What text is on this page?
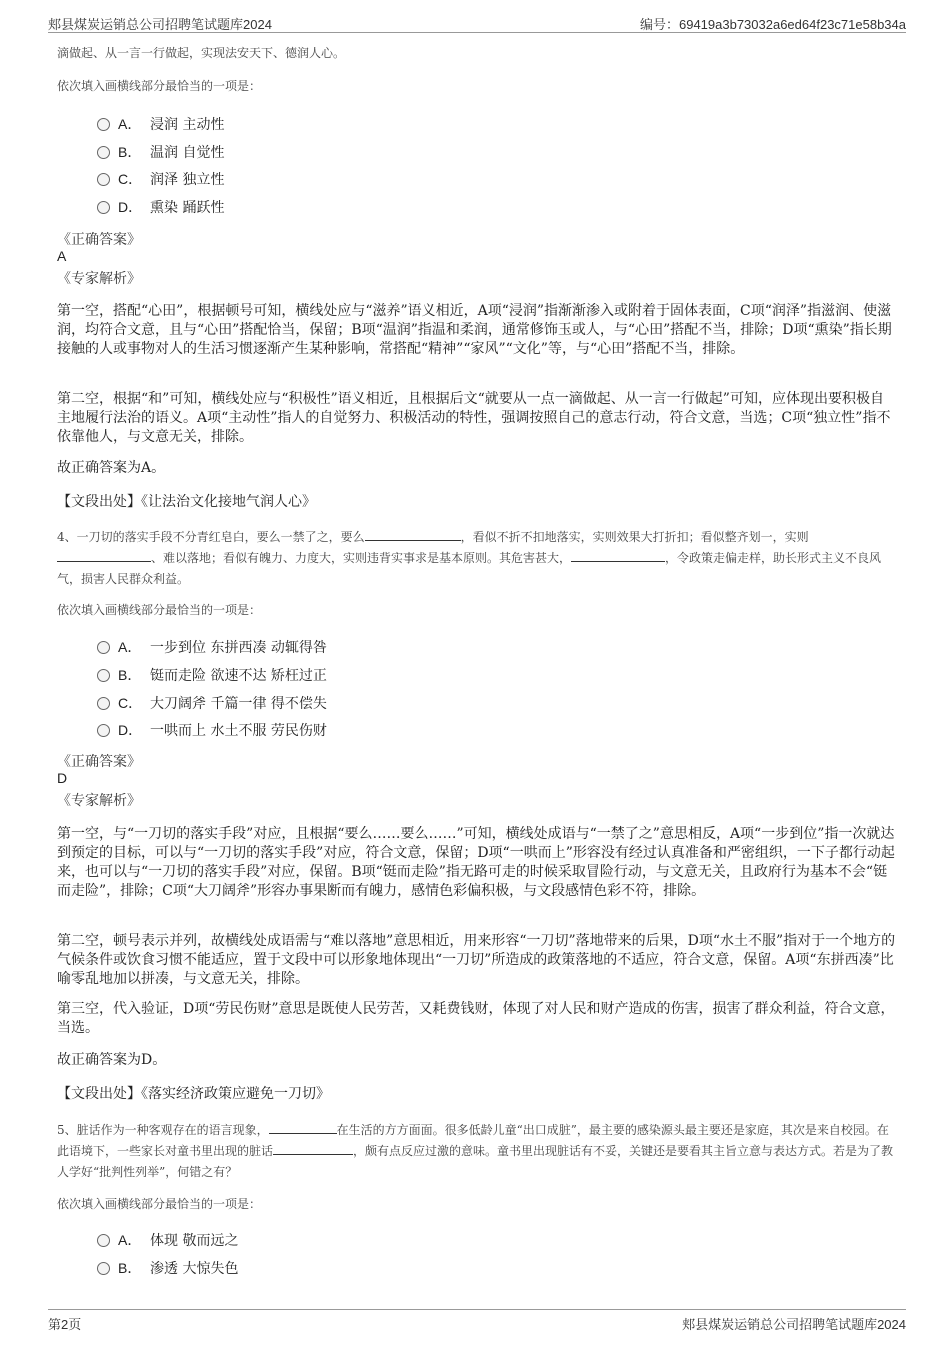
郏县煤炭运销总公司招聘笔试题库2024	编号：69419a3b73032a6ed64f23c71e58b34a
滴做起、从一言一行做起，实现法安天下、德润人心。
依次填入画横线部分最恰当的一项是：
A． 浸润 主动性
B． 温润 自觉性
C． 润泽 独立性
D． 熏染 踊跃性
《正确答案》
A
《专家解析》
第一空，搭配“心田”，根据顿号可知，横线处应与“滋养”语义相近，A项“浸润”指渐渐渗入或附着于固体表面，C项“润泽”指滋润、使滋润，均符合文意，且与“心田”搭配恰当，保留；B项“温润”指温和柔润，通常修饰玉或人，与“心田”搭配不当，排除；D项“熏染”指长期接触的人或事物对人的生活习惯逐渐产生某种影响，常搭配“精神”“家风”“文化”等，与“心田”搭配不当，排除。
第二空，根据“和”可知，横线处应与“积极性”语义相近，且根据后文“就要从一点一滴做起、从一言一行做起”可知，应体现出要积极自主地履行法治的语义。A项“主动性”指人的自觉努力、积极活动的特性，强调按照自己的意志行动，符合文意，当选；C项“独立性”指不依靠他人，与文意无关，排除。
故正确答案为A。
【文段出处】《让法治文化接地气润人心》
4、一刀切的落实手段不分青红皂白，要么一禁了之，要么	，看似不折不扣地落实，实则效果大打折扣；看似整齐划一，实则、难以落地；看似有魄力、力度大，实则违背实事求是基本原则。其危害甚大，	，令政策走偏走样，助长形式主义不良风气，损害人民群众利益。
依次填入画横线部分最恰当的一项是：
A． 一步到位 东拼西凑 动辄得咎
B． 铤而走险 欲速不达 矫枉过正
C． 大刀阔斧 千篇一律 得不偿失
D． 一哄而上 水土不服 劳民伤财
《正确答案》
D
《专家解析》
第一空，与“一刀切的落实手段”对应，且根据“要么……要么……”可知，横线处成语与“一禁了之”意思相反，A项“一步到位”指一次就达到预定的目标，可以与“一刀切的落实手段”对应，符合文意，保留；D项“一哄而上”形容没有经过认真准备和严密组织，一下子都行动起来，也可以与“一刀切的落实手段”对应，保留。B项“铤而走险”指无路可走的时候采取冒险行动，与文意无关，且政府行为基本不会“铤而走险”，排除；C项“大刀阔斧”形容办事果断而有魄力，感情色彩偏积极，与文段感情色彩不符，排除。
第二空，顿号表示并列，故横线处成语需与“难以落地”意思相近，用来形容“一刀切”落地带来的后果，D项“水土不服”指对于一个地方的气候条件或饮食习惯不能适应，置于文段中可以形象地体现出“一刀切”所造成的政策落地的不适应，符合文意，保留。A项“东拼西凑”比喻零乱地加以拼凑，与文意无关，排除。
第三空，代入验证，D项“劳民伤财”意思是既使人民劳苦，又耗费钱财，体现了对人民和财产造成的伤害，损害了群众利益，符合文意，当选。
故正确答案为D。
【文段出处】《落实经济政策应避免一刀切》
5、脏话作为一种客观存在的语言现象，	在生活的方方面面。很多低龄儿童“出口成脏”，最主要的感染源头最主要还是家庭，其次是来自校园。在此语境下，一些家长对童书里出现的脏话	，颇有点反应过激的意味。童书里出现脏话有不妥，关键还是要看其主旨立意与表达方式。若是为了教人学好“批判性列举”，何错之有？
依次填入画横线部分最恰当的一项是：
A． 体现 敬而远之
B． 渗透 大惊失色
第2页	郏县煤炭运销总公司招聘笔试题库2024
